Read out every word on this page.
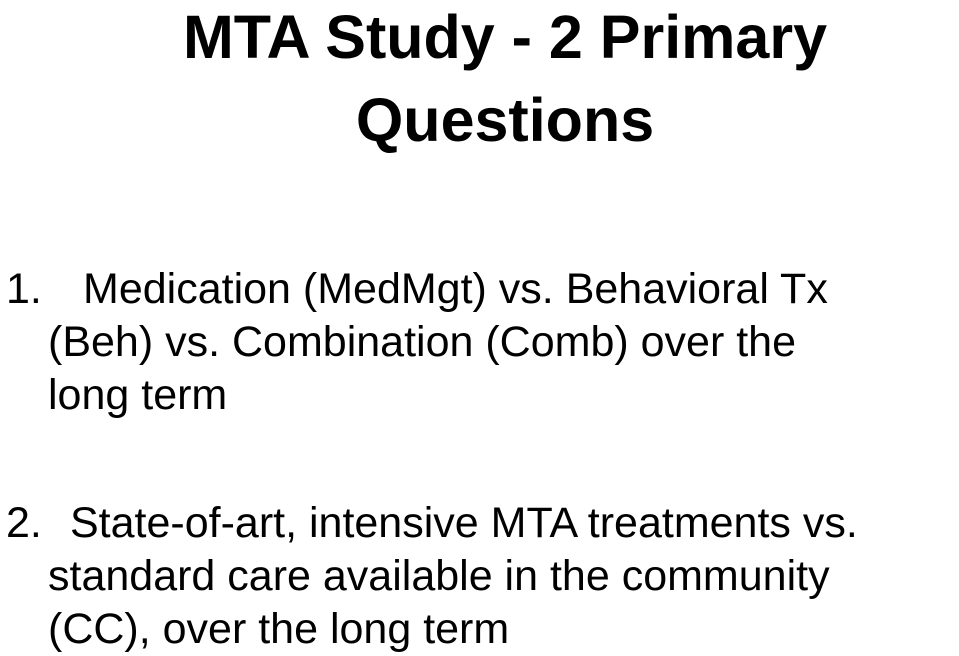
MTA Study - 2 Primary
Questions
1. Medication (MedMgt) vs. Behavioral Tx
(Beh) vs. Combination (Comb) over the
long term
2. State-of-art, intensive MTA treatments vs.
standard care available in the community
(CC), over the long term
